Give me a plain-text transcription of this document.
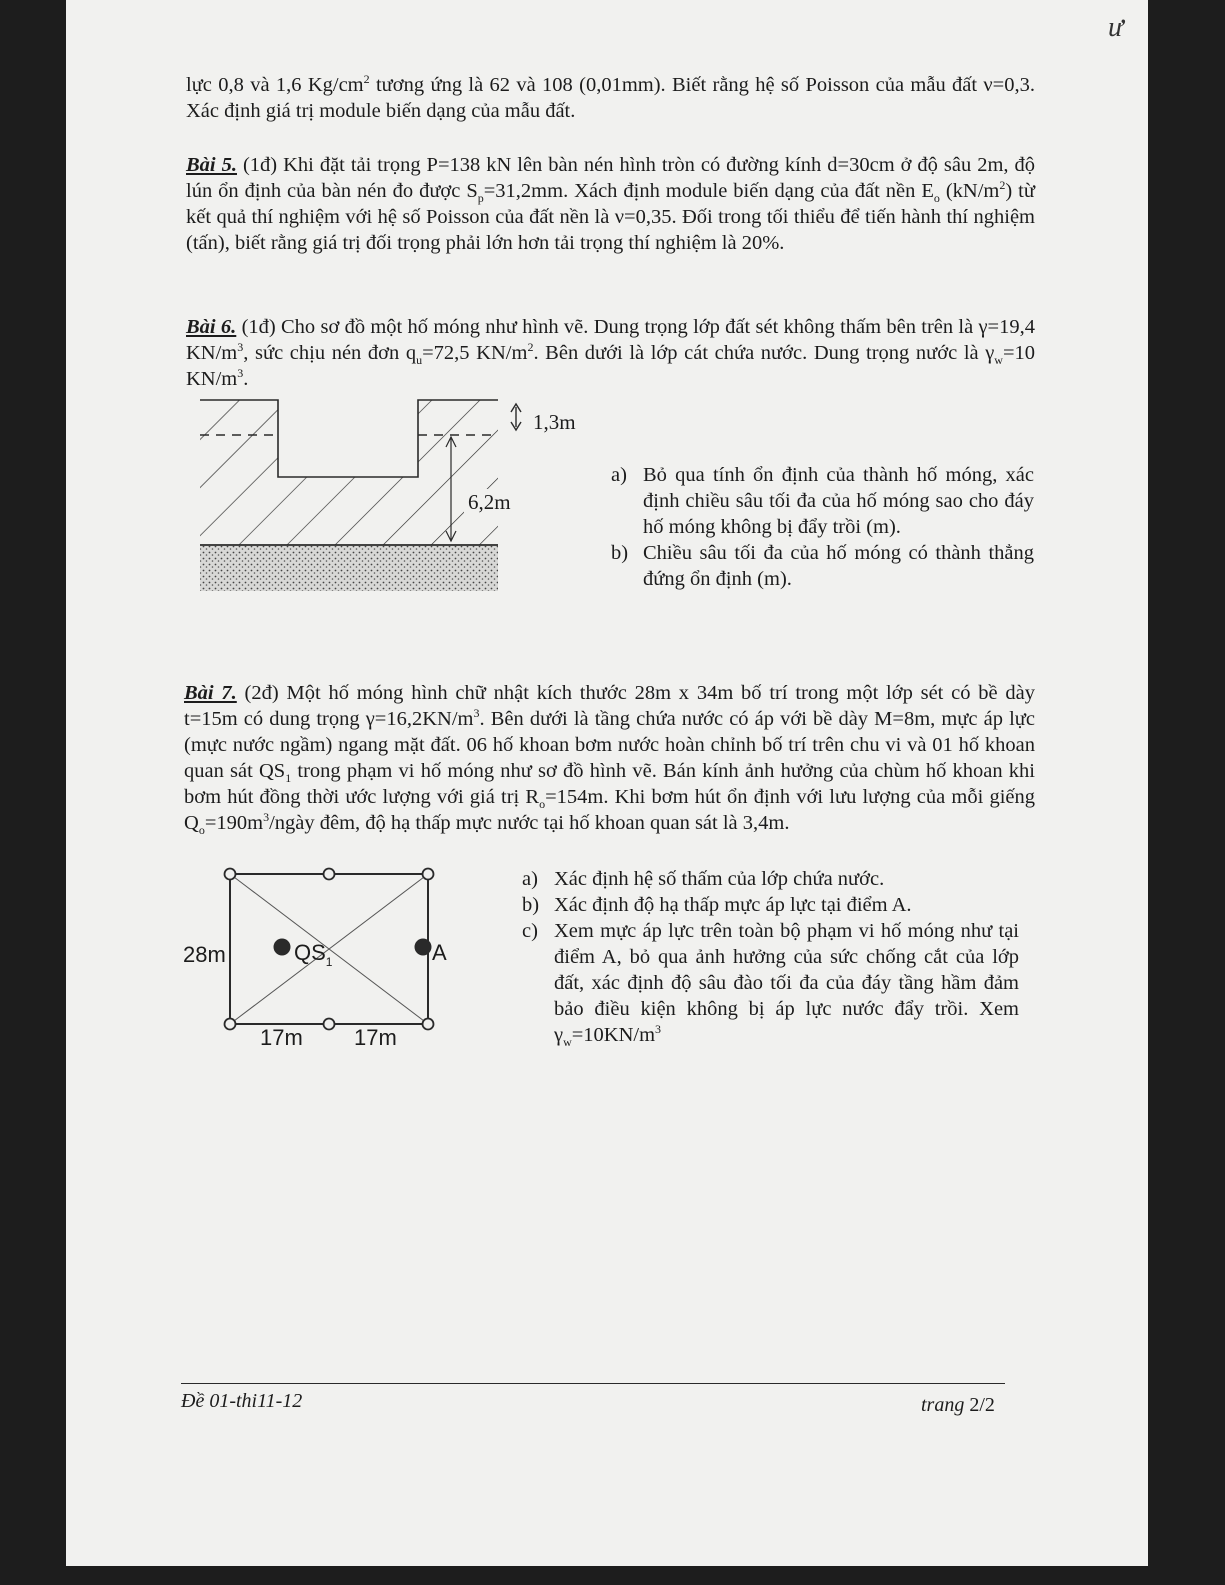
ư

lực 0,8 và 1,6 $Kg/cm^2$ tương ứng là 62 và 108 (0,01mm). Biết rằng hệ số Poisson của mẫu đất ν=0,3. Xác định giá trị module biến dạng của mẫu đất.

Bài 5. (1đ) Khi đặt tải trọng P=138 kN lên bàn nén hình tròn có đường kính d=30cm ở độ sâu 2m, độ lún ổn định của bàn nén đo được $S_p=31,2mm$. Xách định module biến dạng của đất nền $E_o$ $(kN/m^2)$ từ kết quả thí nghiệm với hệ số Poisson của đất nền là ν=0,35. Đối trong tối thiểu để tiến hành thí nghiệm (tấn), biết rằng giá trị đối trọng phải lớn hơn tải trọng thí nghiệm là 20%.

Bài 6. (1đ) Cho sơ đồ một hố móng như hình vẽ. Dung trọng lớp đất sét không thấm bên trên là γ=19,4 $KN/m^3$, sức chịu nén đơn $q_u=72,5$ $KN/m^2$. Bên dưới là lớp cát chứa nước. Dung trọng nước là $\gamma_w=10$ $KN/m^3$.

1,3m
6,2m
a) Bỏ qua tính ổn định của thành hố móng, xác định chiều sâu tối đa của hố móng sao cho đáy hố móng không bị đẩy trồi (m).
b) Chiều sâu tối đa của hố móng có thành thẳng đứng ổn định (m).

Bài 7. (2đ) Một hố móng hình chữ nhật kích thước 28m x 34m bố trí trong một lớp sét có bề dày t=15m có dung trọng $\gamma=16,2KN/m^3$. Bên dưới là tầng chứa nước có áp với bề dày M=8m, mực áp lực (mực nước ngầm) ngang mặt đất. 06 hố khoan bơm nước hoàn chỉnh bố trí trên chu vi và 01 hố khoan quan sát $QS_1$ trong phạm vi hố móng như sơ đồ hình vẽ. Bán kính ảnh hưởng của chùm hố khoan khi bơm hút đồng thời ước lượng với giá trị $R_o=154m$. Khi bơm hút ổn định với lưu lượng của mỗi giếng $Q_o=190m^3$/ngày đêm, độ hạ thấp mực nước tại hố khoan quan sát là 3,4m.

28m	$QS_1$	A
17m 17m
a) Xác định hệ số thấm của lớp chứa nước.
b) Xác định độ hạ thấp mực áp lực tại điểm A.
c) Xem mực áp lực trên toàn bộ phạm vi hố móng như tại điểm A, bỏ qua ảnh hưởng của sức chống cắt của lớp đất, xác định độ sâu đào tối đa của đáy tầng hầm đảm bảo điều kiện không bị áp lực nước đẩy trồi. Xem $\gamma_w=10KN/m^3$
Đề 01-thi11-12	trang 2/2
